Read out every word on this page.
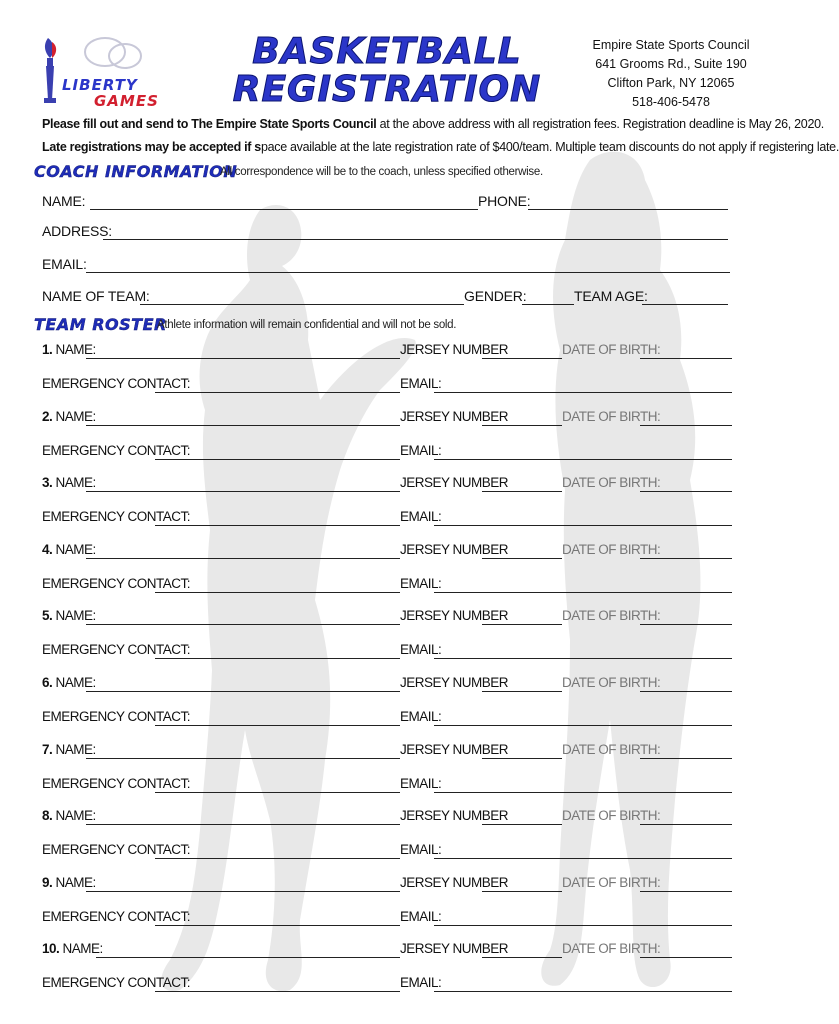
LIBERTY
GAMES
BASKETBALL
REGISTRATION
Empire State Sports Council
641 Grooms Rd., Suite 190
Clifton Park, NY 12065
518-406-5478
Please fill out and send to The Empire State Sports Council at the above address with all registration fees. Registration deadline is May 26, 2020.
Late registrations may be accepted if space available at the late registration rate of $400/team. Multiple team discounts do not apply if registering late.
COACH INFORMATION
All correspondence will be to the coach, unless specified otherwise.
NAME:	PHONE:
ADDRESS:
EMAIL:
NAME OF TEAM:	GENDER:	TEAM AGE:
TEAM ROSTER
Athlete information will remain confidential and will not be sold.
1. NAME:	JERSEY NUMBER	DATE OF BIRTH:
EMERGENCY CONTACT:	EMAIL:
2. NAME:	JERSEY NUMBER	DATE OF BIRTH:
EMERGENCY CONTACT:	EMAIL:
3. NAME:	JERSEY NUMBER	DATE OF BIRTH:
EMERGENCY CONTACT:	EMAIL:
4. NAME:	JERSEY NUMBER	DATE OF BIRTH:
EMERGENCY CONTACT:	EMAIL:
5. NAME:	JERSEY NUMBER	DATE OF BIRTH:
EMERGENCY CONTACT:	EMAIL:
6. NAME:	JERSEY NUMBER	DATE OF BIRTH:
EMERGENCY CONTACT:	EMAIL:
7. NAME:	JERSEY NUMBER	DATE OF BIRTH:
EMERGENCY CONTACT:	EMAIL:
8. NAME:	JERSEY NUMBER	DATE OF BIRTH:
EMERGENCY CONTACT:	EMAIL:
9. NAME:	JERSEY NUMBER	DATE OF BIRTH:
EMERGENCY CONTACT:	EMAIL:
10. NAME:	JERSEY NUMBER	DATE OF BIRTH:
EMERGENCY CONTACT:	EMAIL:
